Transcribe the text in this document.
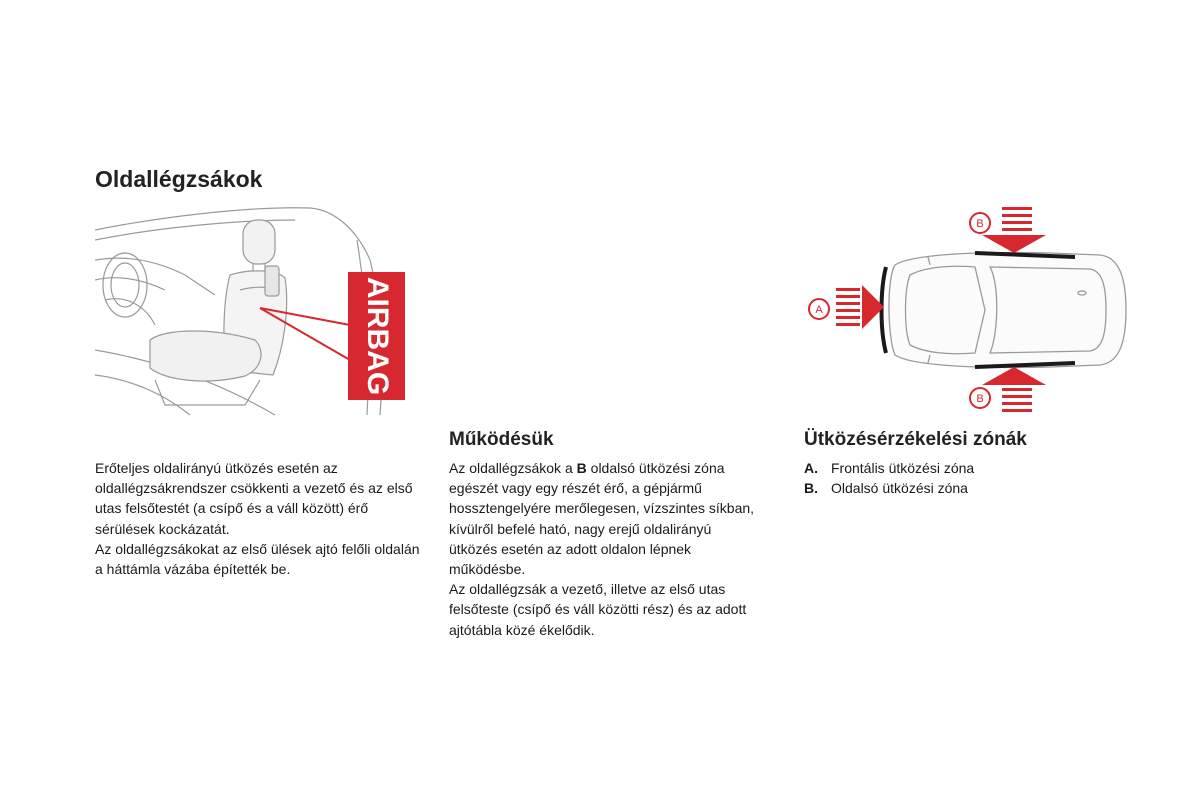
Oldallégzsákok
AIRBAG	A
B
B

Erőteljes oldalirányú ütközés esetén az oldallégzsákrendszer csökkenti a vezető és az első utas felsőtestét (a csípő és a váll között) érő sérülések kockázatát.

Az oldallégzsákokat az első ülések ajtó felőli oldalán a háttámla vázába építették be.

Működésük

Az oldallégzsákok a B oldalsó ütközési zóna egészét vagy egy részét érő, a gépjármű hossztengelyére merőlegesen, vízszintes síkban, kívülről befelé ható, nagy erejű oldalirányú ütközés esetén az adott oldalon lépnek működésbe.

Az oldallégzsák a vezető, illetve az első utas felsőteste (csípő és váll közötti rész) és az adott ajtótábla közé ékelődik.

Ütközésérzékelési zónák
A. Frontális ütközési zóna
B. Oldalsó ütközési zóna
